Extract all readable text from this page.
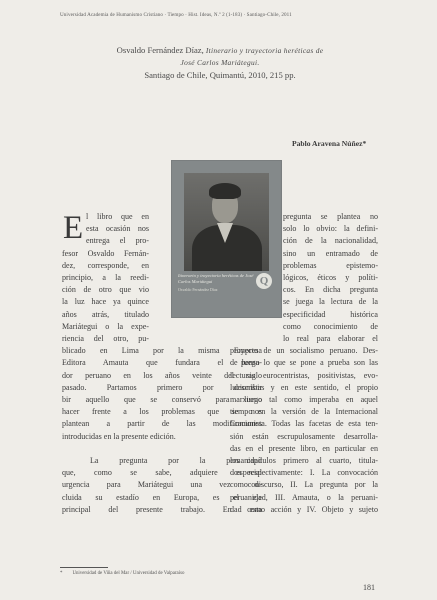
Universidad Academia de Humanismo Cristiano · Tiempo · Hist. Ideas, N.º 2 (1-183) · Santiago-Chile, 2011
Osvaldo Fernández Díaz, Itinerario y trayectoria heréticas de
José Carlos Mariátegui.
Santiago de Chile, Quimantú, 2010, 215 pp.
Pablo Aravena Núñez*
Itinerario y trayectoria heréticas de José Carlos Mariátegui
Osvaldo Fernández Díaz
Q
E l libro que en
esta ocasión nos
entrega el pro-
fesor Osvaldo Fernán-
dez, corresponde, en
principio, a la reedi-
ción de otro que vio
la luz hace ya quince
años atrás, titulado
Mariátegui o la expe-
riencia del otro, pu-
blicado en Lima por la misma Empresa
Editora Amauta que fundara el pensa-
dor peruano en los años veinte del siglo
pasado. Partamos primero por describir
bir aquello que se conservó para luego
hacer frente a los problemas que se nos
plantean a partir de las modificaciones
introducidas en la presente edición.
La pregunta por la peruanidad
que, como se sabe, adquiere especial
urgencia para Mariátegui una vez con-
cluida su estadío en Europa, es el eje
principal del presente trabajo. En esta
pregunta se plantea no
solo lo obvio: la defini-
ción de la nacionalidad,
sino un entramado de
problemas epistemo-
lógicos, éticos y políti-
cos. En dicha pregunta
se juega la lectura de la
especificidad histórica
como conocimiento de
lo real para elaborar el
proyecto de un socialismo peruano. Des-
de luego lo que se pone a prueba son las
lecturas eurocentristas, positivistas, evo-
lucionistas y en este sentido, el propio
marxismo tal como imperaba en aquel
tiempo en la versión de la Internacional
Comunista. Todas las facetas de esta ten-
sión están escrupulosamente desarrolla-
das en el presente libro, en particular en
los capítulos primero al cuarto, titula-
dos respectivamente: I. La convocación
como discurso, II. La pregunta por la
peruanidad, III. Amauta, o la peruani-
dad como acción y IV. Objeto y sujeto
* Universidad de Viña del Mar / Universidad de Valparaíso
181
